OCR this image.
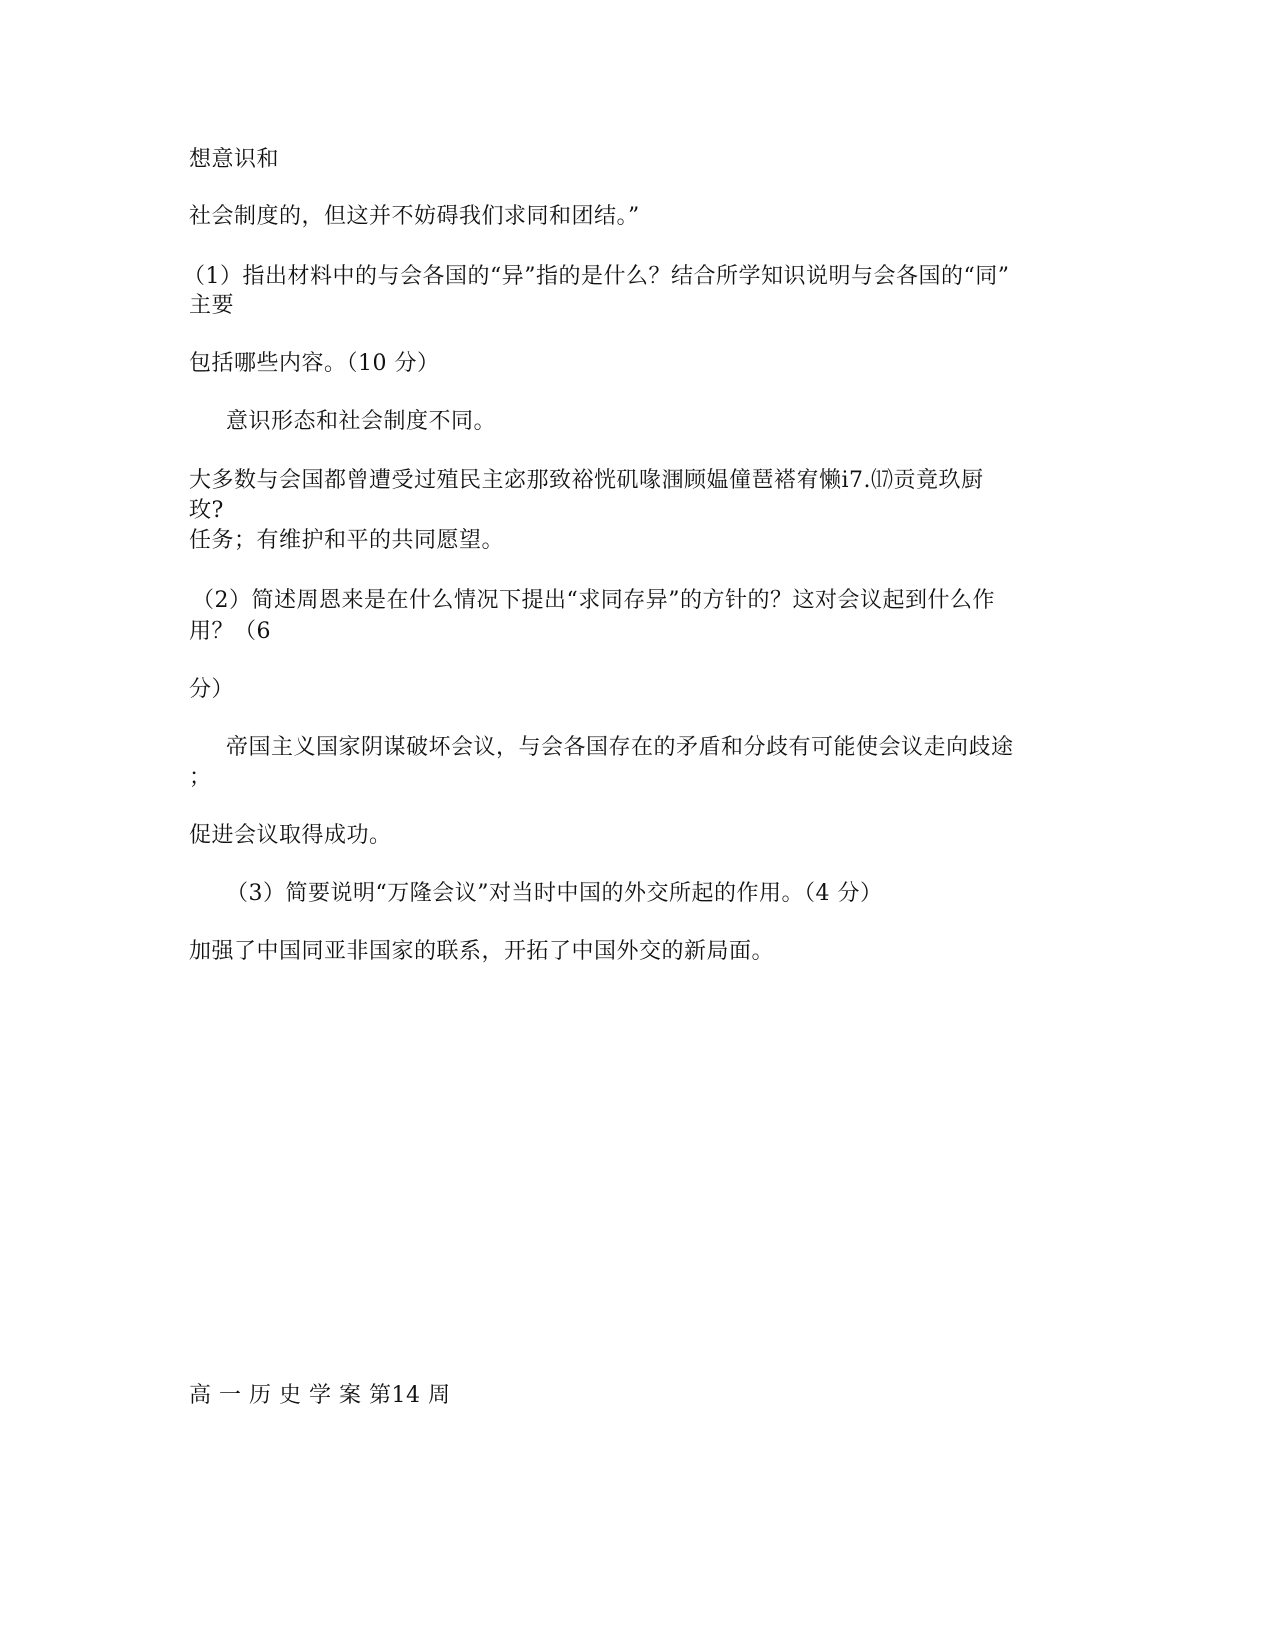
想意识和
社会制度的，但这并不妨碍我们求同和团结。”
（1）指出材料中的与会各国的“异”指的是什么？结合所学知识说明与会各国的“同”
主要
包括哪些内容。（10 分）
意识形态和社会制度不同。
大多数与会国都曾遭受过殖民主宓那致裕恍矶喙涠顾媪僮琶褡宥懒ⅰ7.⒄贡竟玖厨
玫?
任务；有维护和平的共同愿望。
（2）简述周恩来是在什么情况下提出“求同存异”的方针的？这对会议起到什么作
用？（6
分）
帝国主义国家阴谋破坏会议，与会各国存在的矛盾和分歧有可能使会议走向歧途
；
促进会议取得成功。
（3）简要说明“万隆会议”对当时中国的外交所起的作用。（4 分）
加强了中国同亚非国家的联系，开拓了中国外交的新局面。
高 一 历 史 学 案 第14 周
